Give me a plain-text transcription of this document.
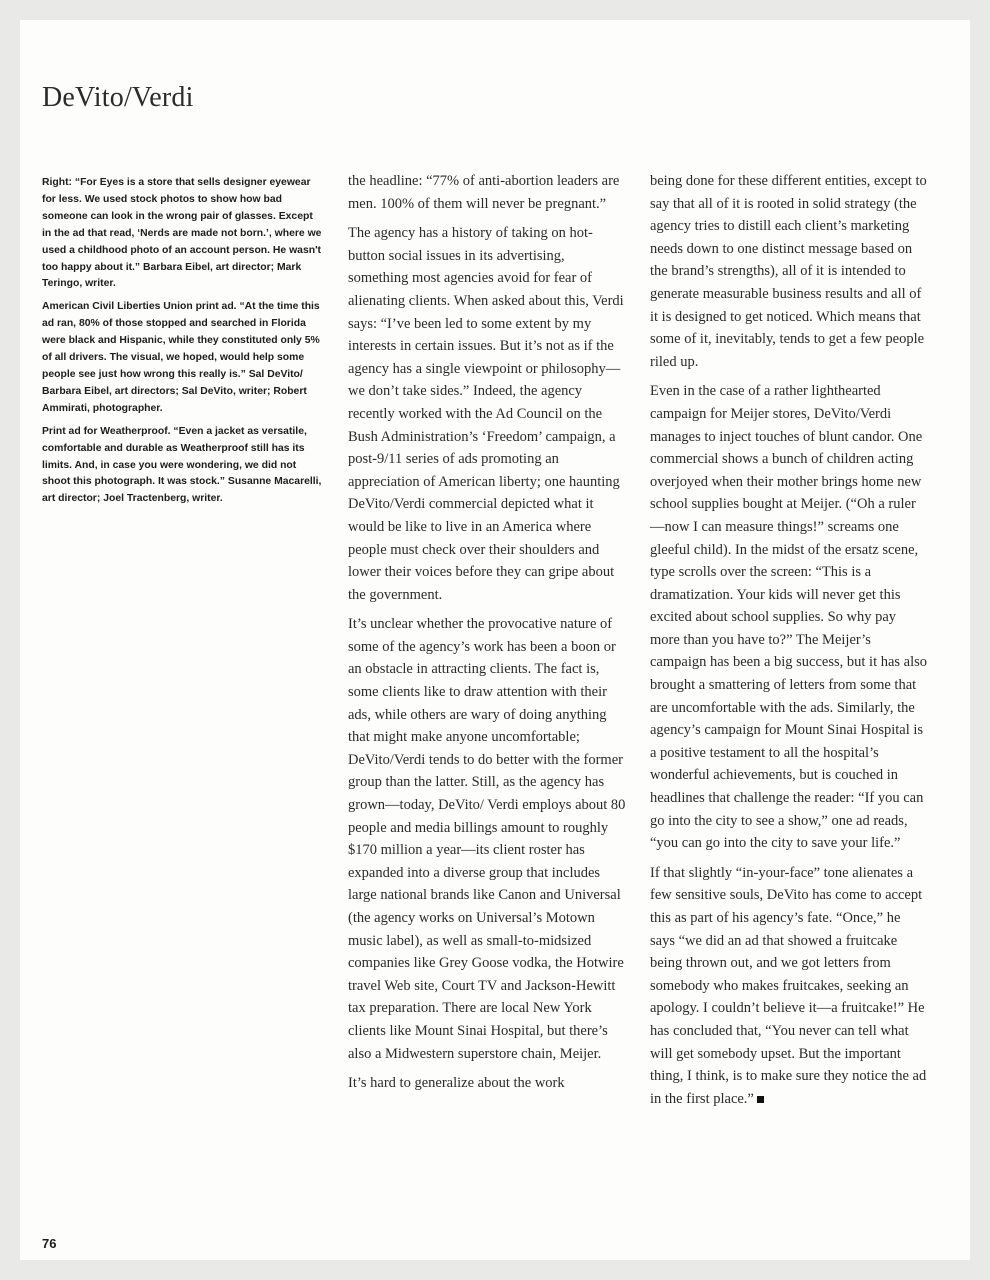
DeVito/Verdi

Right: “For Eyes is a store that sells designer eyewear for less. We used stock photos to show how bad someone can look in the wrong pair of glasses. Except in the ad that read, ‘Nerds are made not born.’, where we used a childhood photo of an account person. He wasn't too happy about it.” Barbara Eibel, art director; Mark Teringo, writer.

American Civil Liberties Union print ad. “At the time this ad ran, 80% of those stopped and searched in Florida were black and Hispanic, while they constituted only 5% of all drivers. The visual, we hoped, would help some people see just how wrong this really is.” Sal DeVito/ Barbara Eibel, art directors; Sal DeVito, writer; Robert Ammirati, photographer.

Print ad for Weatherproof. “Even a jacket as versatile, comfortable and durable as Weatherproof still has its limits. And, in case you were wondering, we did not shoot this photograph. It was stock.” Susanne Macarelli, art director; Joel Tractenberg, writer.

the headline: “77% of anti-abortion leaders are men. 100% of them will never be pregnant.”

The agency has a history of taking on hot-button social issues in its advertising, something most agencies avoid for fear of alienating clients. When asked about this, Verdi says: “I’ve been led to some extent by my interests in certain issues. But it’s not as if the agency has a single viewpoint or philosophy—we don’t take sides.” Indeed, the agency recently worked with the Ad Council on the Bush Administration’s ‘Freedom’ campaign, a post-9/11 series of ads promoting an appreciation of American liberty; one haunting DeVito/Verdi commercial depicted what it would be like to live in an America where people must check over their shoulders and lower their voices before they can gripe about the government.

It’s unclear whether the provocative nature of some of the agency’s work has been a boon or an obstacle in attracting clients. The fact is, some clients like to draw attention with their ads, while others are wary of doing anything that might make anyone uncomfortable; DeVito/Verdi tends to do better with the former group than the latter. Still, as the agency has grown—today, DeVito/ Verdi employs about 80 people and media billings amount to roughly $170 million a year—its client roster has expanded into a diverse group that includes large national brands like Canon and Universal (the agency works on Universal’s Motown music label), as well as small-to-midsized companies like Grey Goose vodka, the Hotwire travel Web site, Court TV and Jackson-Hewitt tax preparation. There are local New York clients like Mount Sinai Hospital, but there’s also a Midwestern superstore chain, Meijer.

It’s hard to generalize about the work

being done for these different entities, except to say that all of it is rooted in solid strategy (the agency tries to distill each client’s marketing needs down to one distinct message based on the brand’s strengths), all of it is intended to generate measurable business results and all of it is designed to get noticed. Which means that some of it, inevitably, tends to get a few people riled up.

Even in the case of a rather lighthearted campaign for Meijer stores, DeVito/Verdi manages to inject touches of blunt candor. One commercial shows a bunch of children acting overjoyed when their mother brings home new school supplies bought at Meijer. (“Oh a ruler—now I can measure things!” screams one gleeful child). In the midst of the ersatz scene, type scrolls over the screen: “This is a dramatization. Your kids will never get this excited about school supplies. So why pay more than you have to?” The Meijer’s campaign has been a big success, but it has also brought a smattering of letters from some that are uncomfortable with the ads. Similarly, the agency’s campaign for Mount Sinai Hospital is a positive testament to all the hospital’s wonderful achievements, but is couched in headlines that challenge the reader: “If you can go into the city to see a show,” one ad reads, “you can go into the city to save your life.”

If that slightly “in-your-face” tone alienates a few sensitive souls, DeVito has come to accept this as part of his agency’s fate. “Once,” he says “we did an ad that showed a fruitcake being thrown out, and we got letters from somebody who makes fruitcakes, seeking an apology. I couldn’t believe it—a fruitcake!” He has concluded that, “You never can tell what will get somebody upset. But the important thing, I think, is to make sure they notice the ad in the first place.”

76
